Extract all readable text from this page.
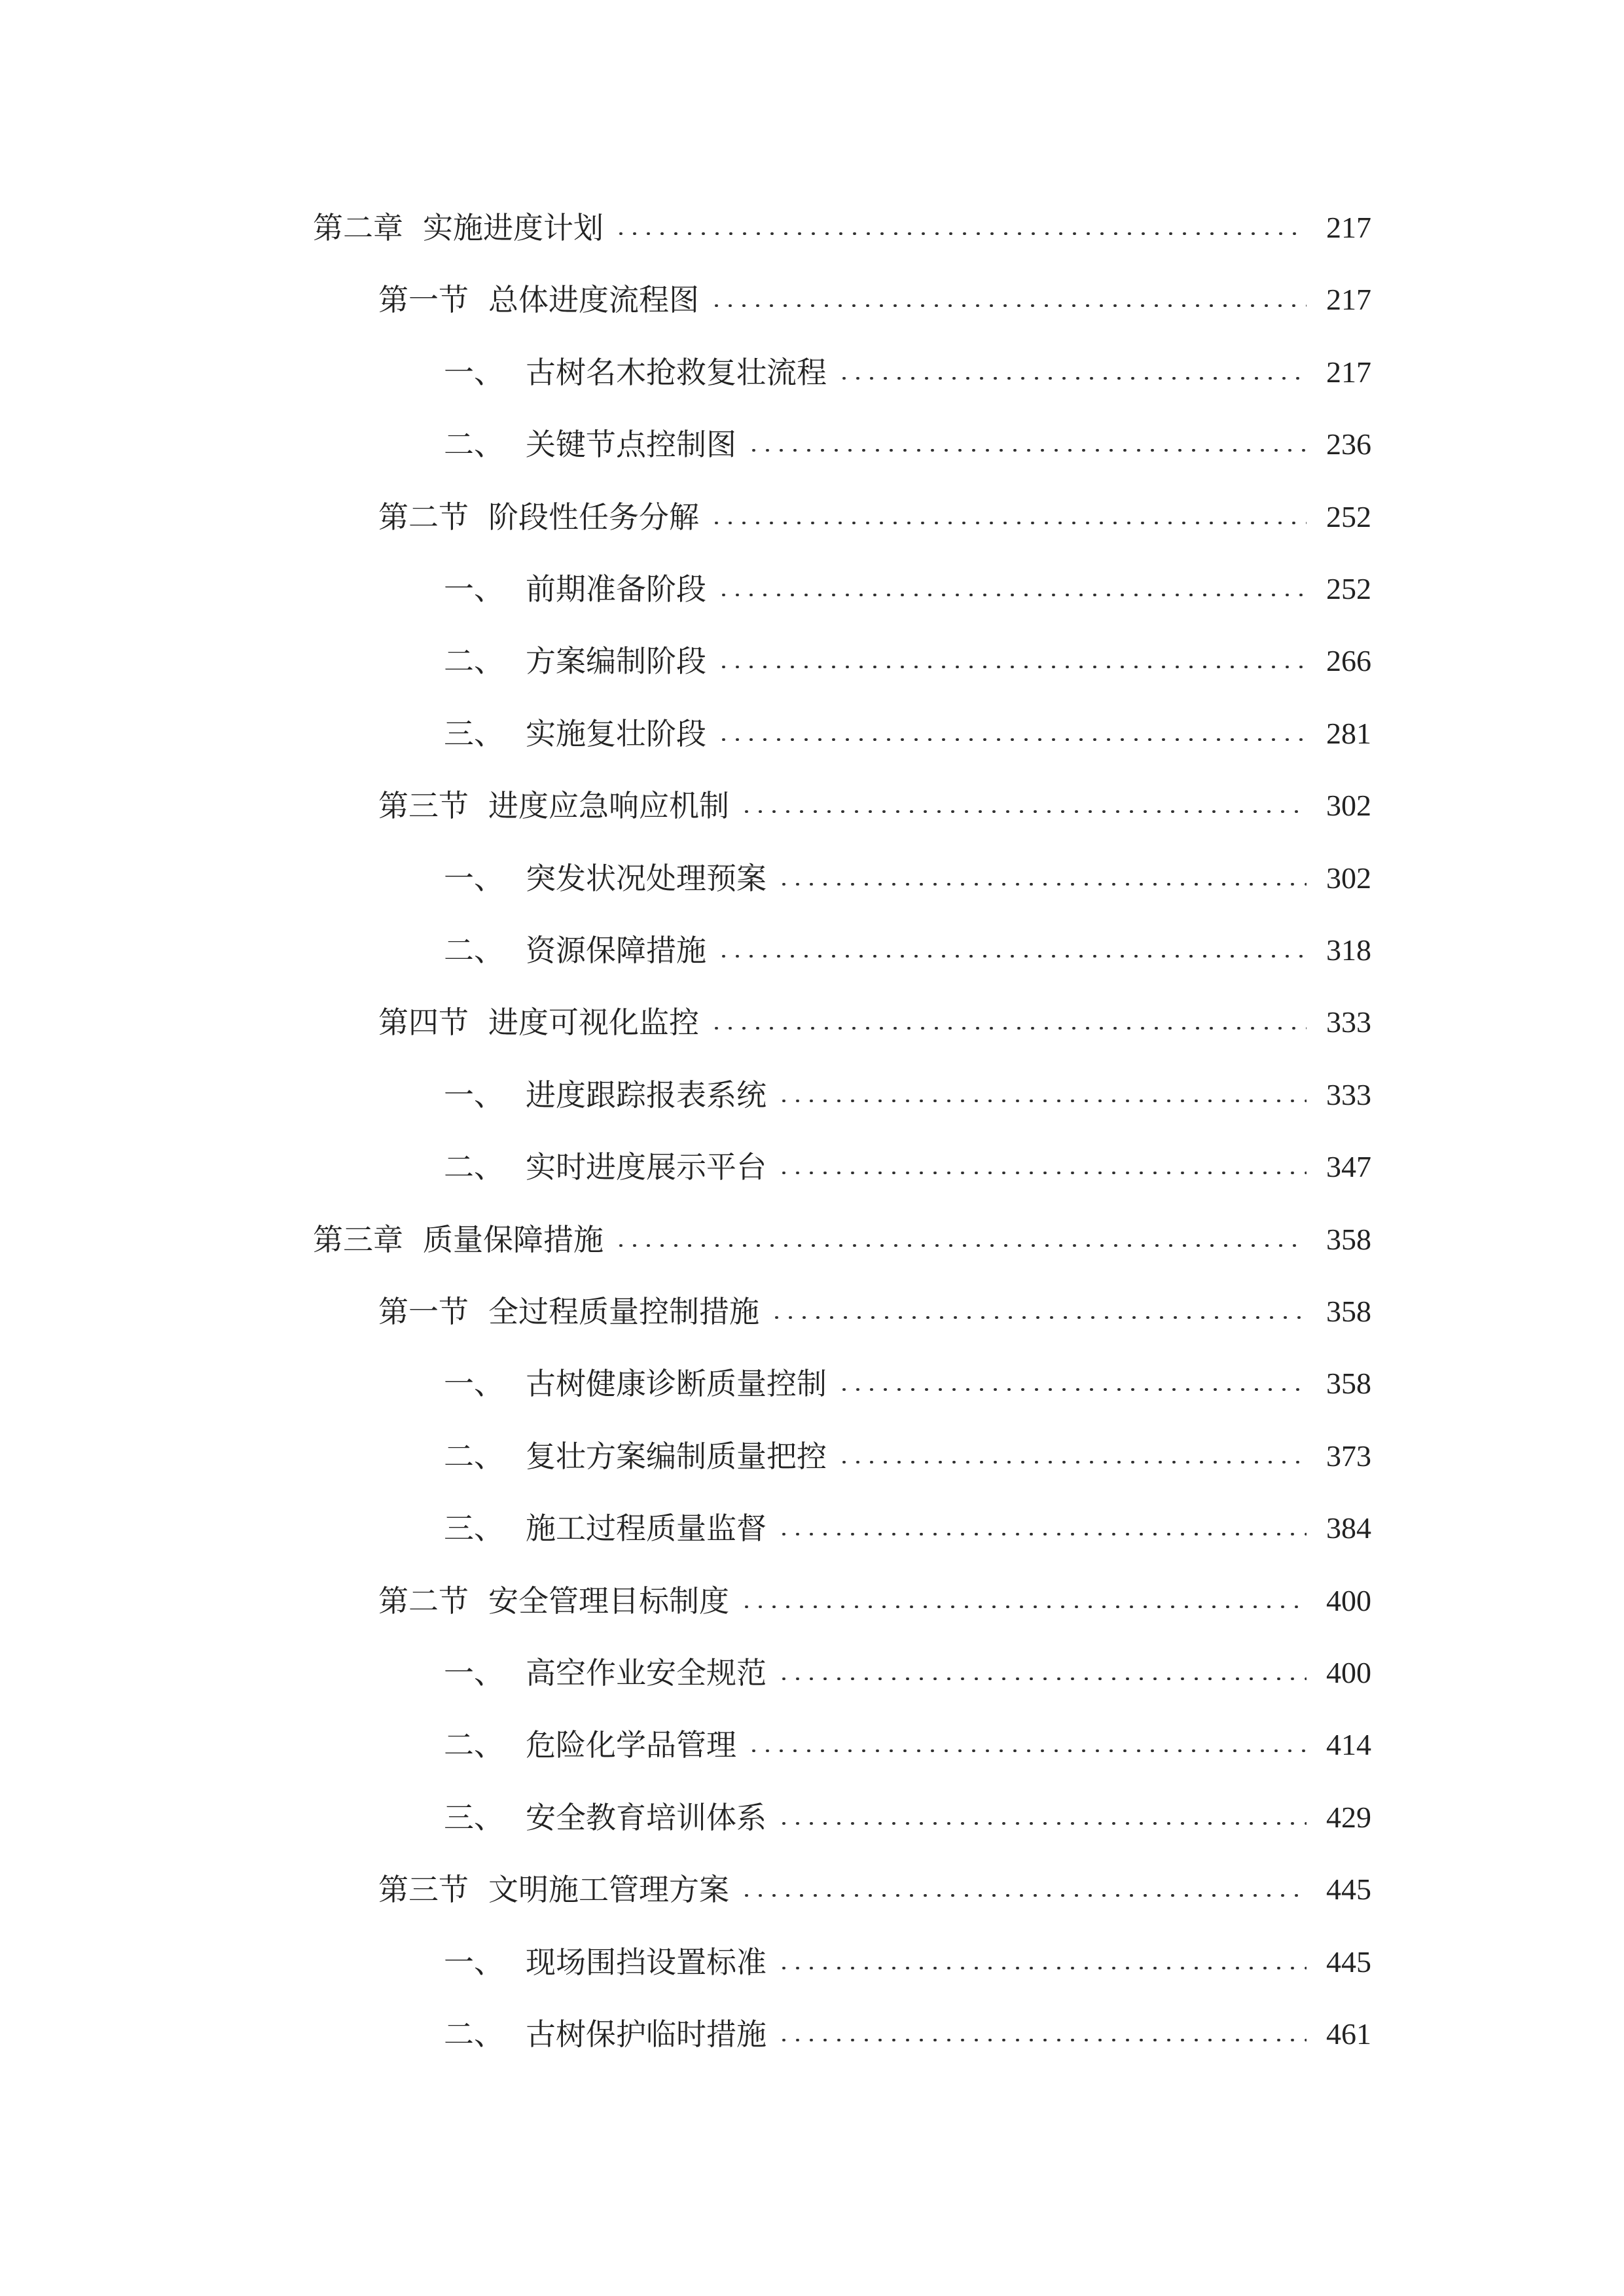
第二章 实施进度计划	217
第一节 总体进度流程图	217
一、 古树名木抢救复壮流程	217
二、 关键节点控制图	236
第二节 阶段性任务分解	252
一、 前期准备阶段	252
二、 方案编制阶段	266
三、 实施复壮阶段	281
第三节 进度应急响应机制	302
一、 突发状况处理预案	302
二、 资源保障措施	318
第四节 进度可视化监控	333
一、 进度跟踪报表系统	333
二、 实时进度展示平台	347
第三章 质量保障措施	358
第一节 全过程质量控制措施	358
一、 古树健康诊断质量控制	358
二、 复壮方案编制质量把控	373
三、 施工过程质量监督	384
第二节 安全管理目标制度	400
一、 高空作业安全规范	400
二、 危险化学品管理	414
三、 安全教育培训体系	429
第三节 文明施工管理方案	445
一、 现场围挡设置标准	445
二、 古树保护临时措施	461
